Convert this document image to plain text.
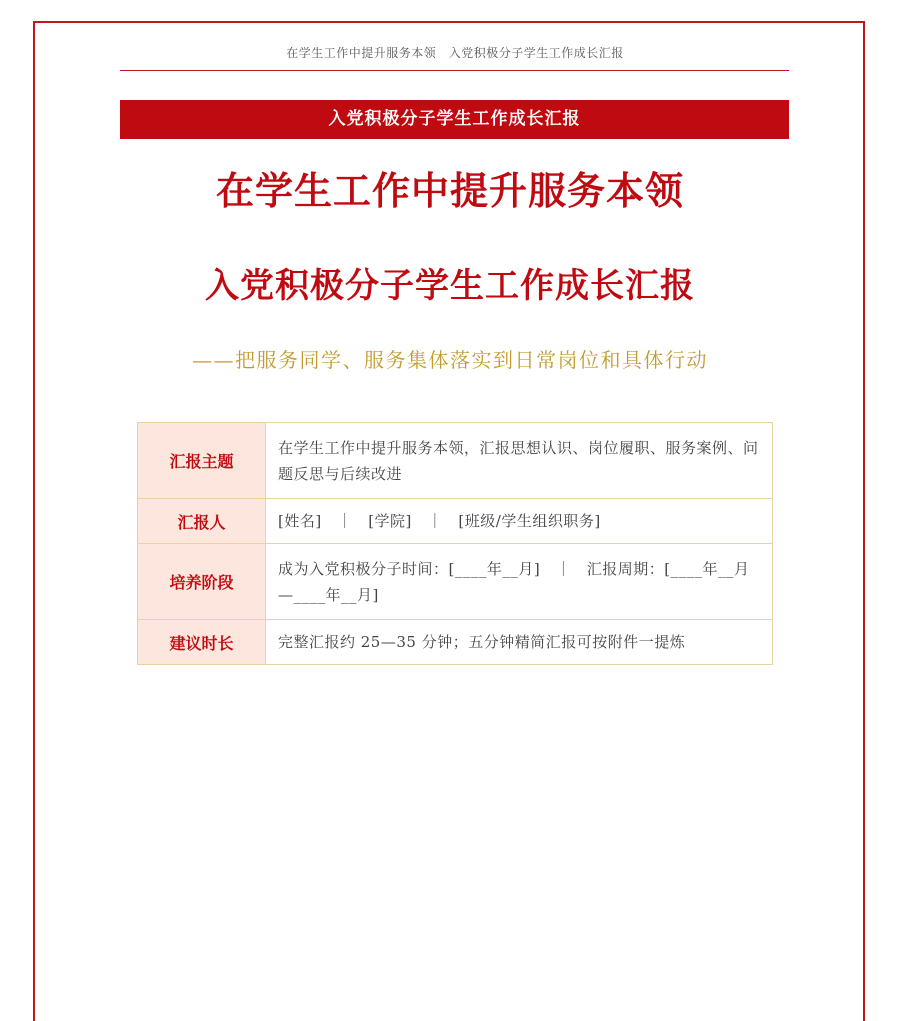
在学生工作中提升服务本领　入党积极分子学生工作成长汇报
入党积极分子学生工作成长汇报
在学生工作中提升服务本领
入党积极分子学生工作成长汇报
——把服务同学、服务集体落实到日常岗位和具体行动
汇报主题	在学生工作中提升服务本领，汇报思想认识、岗位履职、服务案例、问题反思与后续改进
汇报人	[姓名]　｜　[学院]　｜　[班级/学生组织职务]
培养阶段	成为入党积极分子时间：[____年__月]　｜　汇报周期：[____年__月—____年__月]
建议时长	完整汇报约 25—35 分钟；五分钟精简汇报可按附件一提炼
